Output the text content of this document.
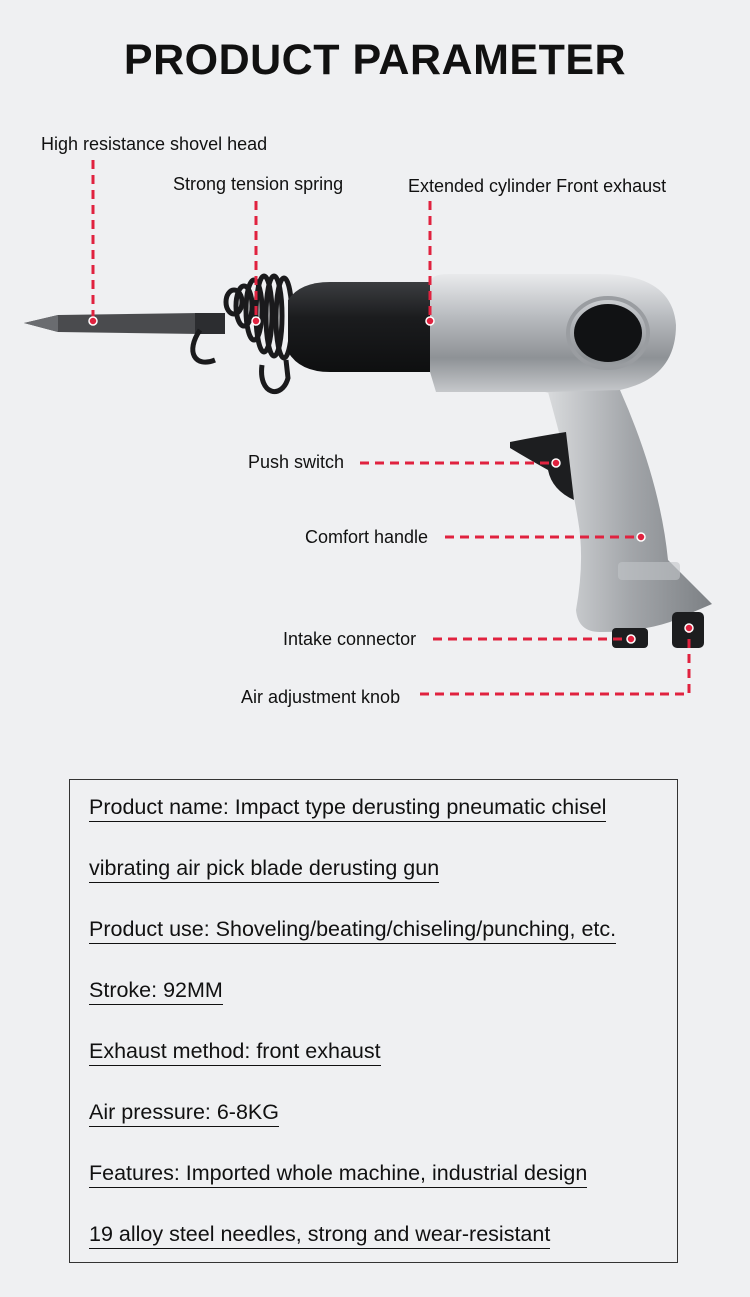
PRODUCT PARAMETER
High resistance shovel head
Strong tension spring	Extended cylinder Front exhaust
Push switch
Comfort handle
Intake connector
Air adjustment knob
Product name: Impact type derusting pneumatic chisel
vibrating air pick blade derusting gun
Product use: Shoveling/beating/chiseling/punching, etc.
Stroke: 92MM
Exhaust method: front exhaust
Air pressure: 6-8KG
Features: Imported whole machine, industrial design
19 alloy steel needles, strong and wear-resistant
